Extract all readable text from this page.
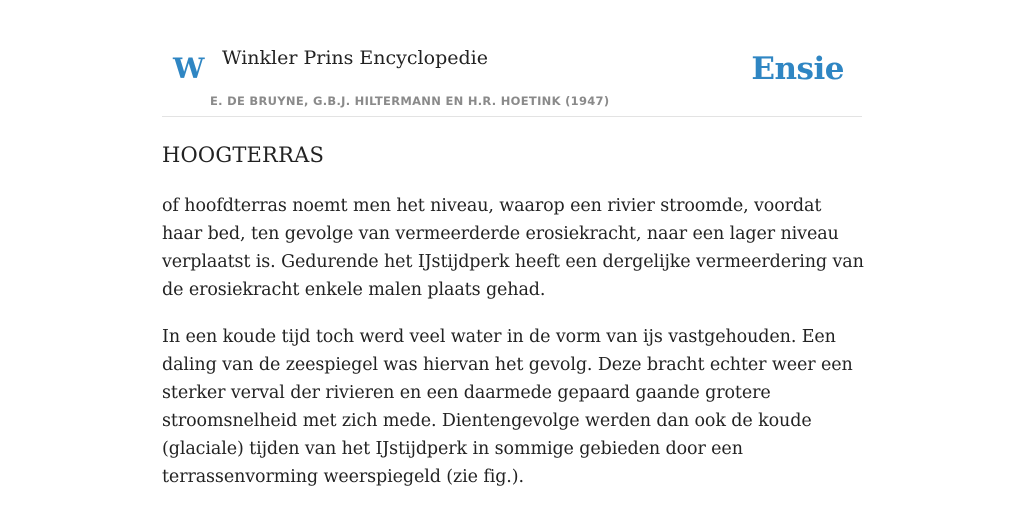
W Winkler Prins Encyclopedie
E. DE BRUYNE, G.B.J. HILTERMANN EN H.R. HOETINK (1947)
Ensie
HOOGTERRAS

of hoofdterras noemt men het niveau, waarop een rivier stroomde, voordat haar bed, ten gevolge van vermeerderde erosiekracht, naar een lager niveau verplaatst is. Gedurende het IJstijdperk heeft een dergelijke vermeerdering van de erosiekracht enkele malen plaats gehad.

In een koude tijd toch werd veel water in de vorm van ijs vastgehouden. Een daling van de zeespiegel was hiervan het gevolg. Deze bracht echter weer een sterker verval der rivieren en een daarmede gepaard gaande grotere stroomsnelheid met zich mede. Dientengevolge werden dan ook de koude (glaciale) tijden van het IJstijdperk in sommige gebieden door een terrassenvorming weerspiegeld (zie fig.).
